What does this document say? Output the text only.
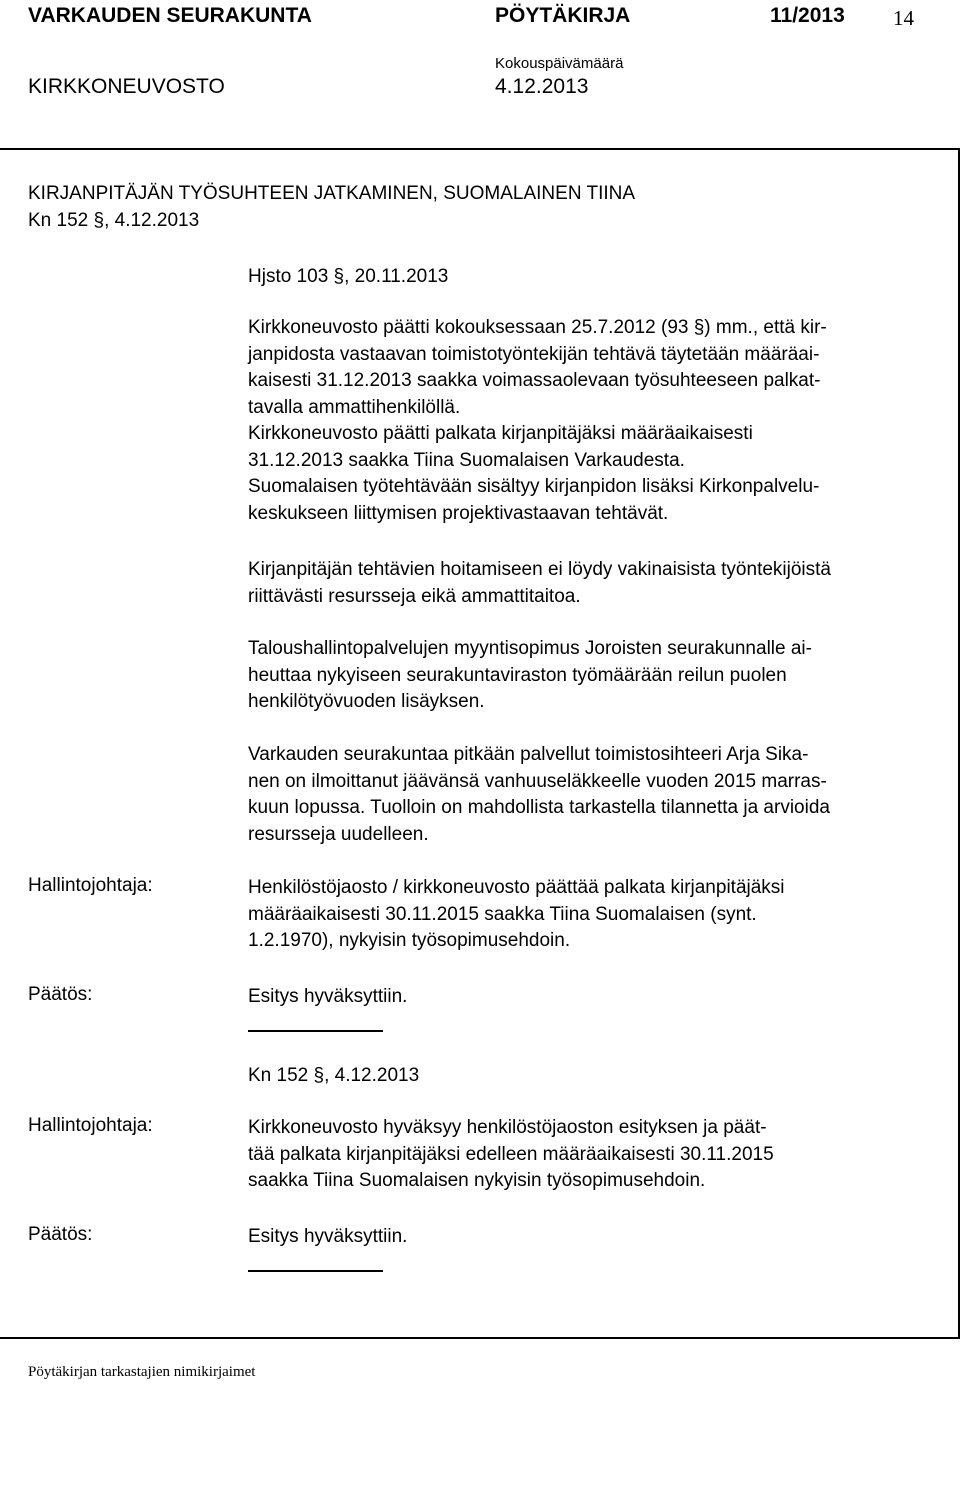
VARKAUDEN SEURAKUNTA	PÖYTÄKIRJA	11/2013 14
Kokouspäivämäärä
KIRKKONEUVOSTO	4.12.2013
KIRJANPITÄJÄN TYÖSUHTEEN JATKAMINEN, SUOMALAINEN TIINA
Kn 152 §, 4.12.2013
Hjsto 103 §, 20.11.2013
Kirkkoneuvosto päätti kokouksessaan 25.7.2012 (93 §) mm., että kir-
janpidosta vastaavan toimistotyöntekijän tehtävä täytetään määräai-
kaisesti 31.12.2013 saakka voimassaolevaan työsuhteeseen palkat-
tavalla ammattihenkilöllä.
Kirkkoneuvosto päätti palkata kirjanpitäjäksi määräaikaisesti
31.12.2013 saakka Tiina Suomalaisen Varkaudesta.
Suomalaisen työtehtävään sisältyy kirjanpidon lisäksi Kirkonpalvelu-
keskukseen liittymisen projektivastaavan tehtävät.
Kirjanpitäjän tehtävien hoitamiseen ei löydy vakinaisista työntekijöistä
riittävästi resursseja eikä ammattitaitoa.
Taloushallintopalvelujen myyntisopimus Joroisten seurakunnalle ai-
heuttaa nykyiseen seurakuntaviraston työmäärään reilun puolen
henkilötyövuoden lisäyksen.
Varkauden seurakuntaa pitkään palvellut toimistosihteeri Arja Sika-
nen on ilmoittanut jäävänsä vanhuuseläkkeelle vuoden 2015 marras-
kuun lopussa. Tuolloin on mahdollista tarkastella tilannetta ja arvioida
resursseja uudelleen.
Hallintojohtaja:	Henkilöstöjaosto / kirkkoneuvosto päättää palkata kirjanpitäjäksi
määräaikaisesti 30.11.2015 saakka Tiina Suomalaisen (synt.
1.2.1970), nykyisin työsopimusehdoin.
Päätös:	Esitys hyväksyttiin.
Kn 152 §, 4.12.2013
Hallintojohtaja:	Kirkkoneuvosto hyväksyy henkilöstöjaoston esityksen ja päät-
tää palkata kirjanpitäjäksi edelleen määräaikaisesti 30.11.2015
saakka Tiina Suomalaisen nykyisin työsopimusehdoin.
Päätös:	Esitys hyväksyttiin.
Pöytäkirjan tarkastajien nimikirjaimet
